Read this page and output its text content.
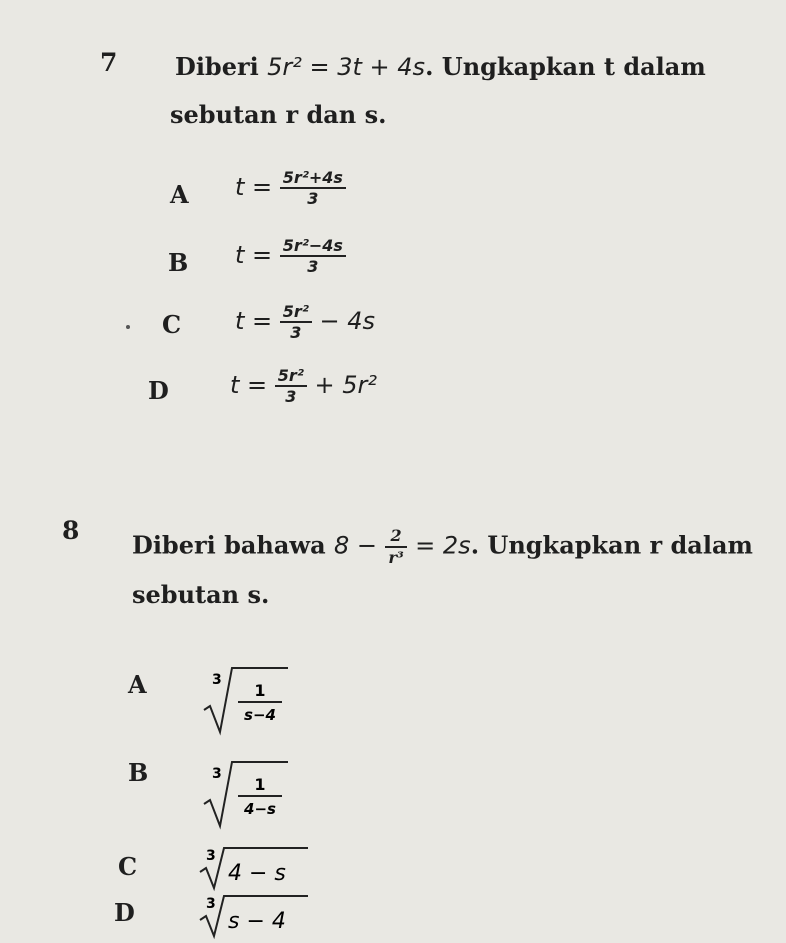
7 Diberi 5r² = 3t + 4s. Ungkapkan t dalam
sebutan r dan s.
A $t = \frac{\text{5r²+4s}}{3}$
B $t = \frac{\text{5r²−4s}}{3}$
C $t = \frac{\text{5r²}}{3} - 4s$
D	$t = \frac{\text{5r²}}{3} + 5r^2$
8 Diberi bahawa $8 - \frac{2}{\text{r³}} = 2s$. Ungkapkan r dalam
sebutan s.
A	3
1
s−4
B	3
1
4−s
C	3
4 − s
D	3
s − 4
